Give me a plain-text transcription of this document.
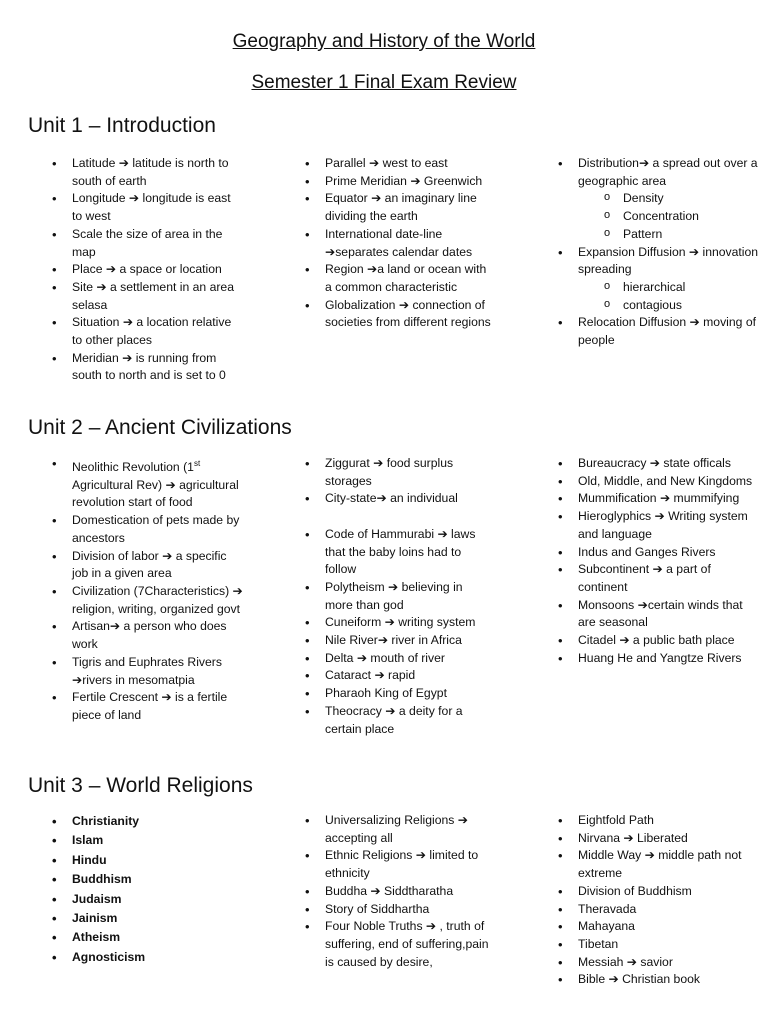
Geography and History of the World
Semester 1 Final Exam Review
Unit 1 – Introduction
• Latitude ➔ latitude is north to south of earth
• Longitude ➔ longitude is east to west
• Scale the size of area in the map
• Place ➔ a space or location
• Site ➔ a settlement in an area selasa
• Situation ➔ a location relative to other places
• Meridian ➔ is running from south to north and is set to 0
• Parallel ➔ west to east
• Prime Meridian ➔ Greenwich
• Equator ➔ an imaginary line dividing the earth
• International date-line ➔separates calendar dates
• Region ➔a land or ocean with a common characteristic
• Globalization ➔ connection of societies from different regions
• Distribution➔ a spread out over a geographic area
o Density
o Concentration
o Pattern
• Expansion Diffusion ➔ innovation spreading
o hierarchical
o contagious
• Relocation Diffusion ➔ moving of people
Unit 2 – Ancient Civilizations
• Neolithic Revolution (1st Agricultural Rev) ➔ agricultural revolution start of food
• Domestication of pets made by ancestors
• Division of labor ➔ a specific job in a given area
• Civilization (7Characteristics) ➔ religion, writing, organized govt
• Artisan➔ a person who does work
• Tigris and Euphrates Rivers ➔rivers in mesomatpia
• Fertile Crescent ➔ is a fertile piece of land
• Ziggurat ➔ food surplus storages
• City-state➔ an individual
• Code of Hammurabi ➔ laws that the baby loins had to follow
• Polytheism ➔ believing in more than god
• Cuneiform ➔ writing system
• Nile River➔ river in Africa
• Delta ➔ mouth of river
• Cataract ➔ rapid
• Pharaoh King of Egypt
• Theocracy ➔ a deity for a certain place
• Bureaucracy ➔ state officals
• Old, Middle, and New Kingdoms
• Mummification ➔ mummifying
• Hieroglyphics ➔ Writing system and language
• Indus and Ganges Rivers
• Subcontinent ➔ a part of continent
• Monsoons ➔certain winds that are seasonal
• Citadel ➔ a public bath place
• Huang He and Yangtze Rivers
Unit 3 – World Religions
• Christianity
• Islam
• Hindu
• Buddhism
• Judaism
• Jainism
• Atheism
• Agnosticism
• Universalizing Religions ➔ accepting all
• Ethnic Religions ➔ limited to ethnicity
• Buddha ➔ Siddtharatha
• Story of Siddhartha
• Four Noble Truths ➔ , truth of suffering, end of suffering,pain is caused by desire,
• Eightfold Path
• Nirvana ➔ Liberated
• Middle Way ➔ middle path not extreme
• Division of Buddhism
• Theravada
• Mahayana
• Tibetan
• Messiah ➔ savior
• Bible ➔ Christian book
